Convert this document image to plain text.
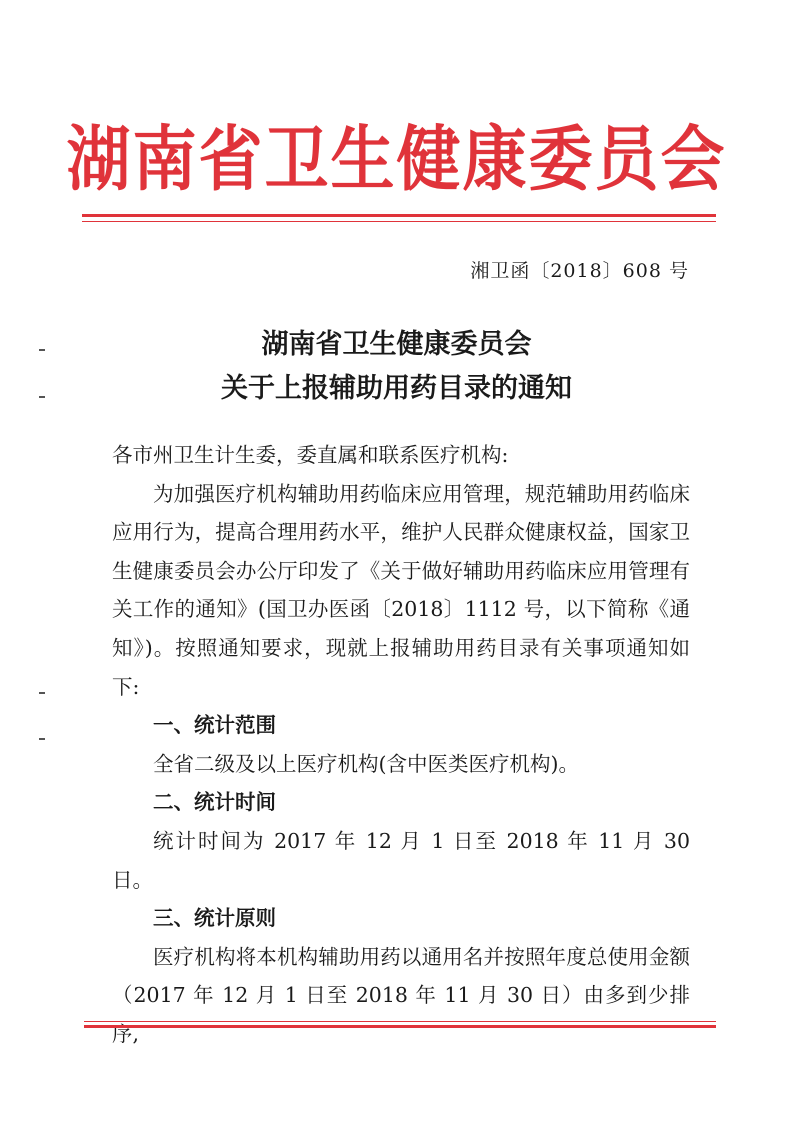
湖南省卫生健康委员会
湘卫函〔2018〕608 号
湖南省卫生健康委员会
关于上报辅助用药目录的通知

各市州卫生计生委，委直属和联系医疗机构:

为加强医疗机构辅助用药临床应用管理，规范辅助用药临床应用行为，提高合理用药水平，维护人民群众健康权益，国家卫生健康委员会办公厅印发了《关于做好辅助用药临床应用管理有关工作的通知》(国卫办医函〔2018〕1112 号，以下简称《通知》)。按照通知要求，现就上报辅助用药目录有关事项通知如下:

一、统计范围

全省二级及以上医疗机构(含中医类医疗机构)。

二、统计时间

统计时间为 2017 年 12 月 1 日至 2018 年 11 月 30 日。

三、统计原则

医疗机构将本机构辅助用药以通用名并按照年度总使用金额（2017 年 12 月 1 日至 2018 年 11 月 30 日）由多到少排序,
